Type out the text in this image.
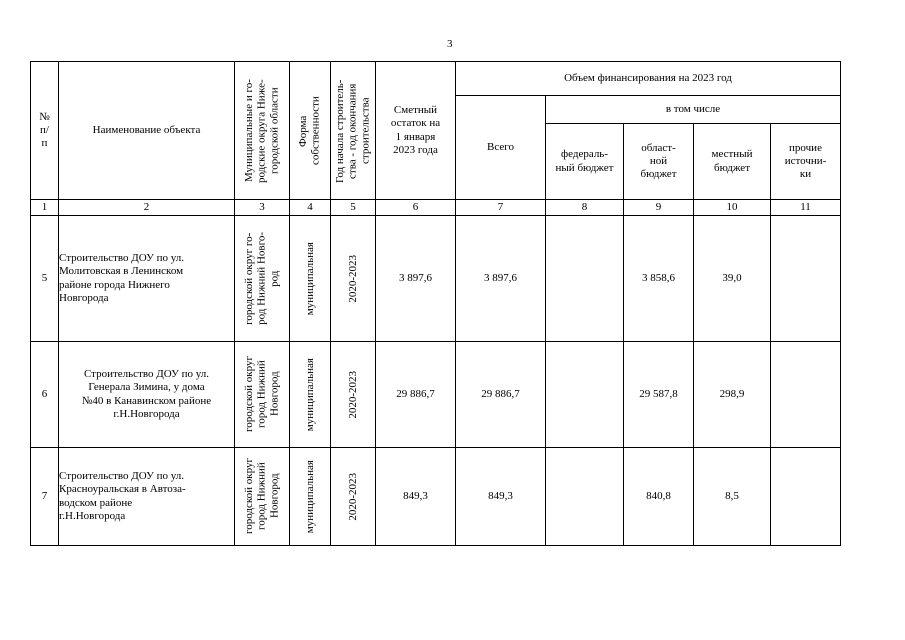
3
№
п/
п	Наименование объекта	Муниципальные и го-
родские округа Ниже-
городской области	Форма
собственности	Год начала строитель-
ства - год окончания
строительства	Сметный
остаток на
1 января
2023 года	Объем финансирования на 2023 год				
						Всего	в том числе			
							федераль-
ный бюджет	област-
ной
бюджет	местный
бюджет	прочие
источни-
ки
1	2	3	4	5	6	7	8	9	10	11
5	Строительство ДОУ по ул.
Молитовская в Ленинском
районе города Нижнего
Новгорода	городской округ го-
род Нижний Новго-
род	муниципальная	2020-2023	3 897,6	3 897,6		3 858,6	39,0	
6	Строительство ДОУ по ул.
Генерала Зимина, у дома
№40 в Канавинском районе
г.Н.Новгорода	городской округ
город Нижний
Новгород	муниципальная	2020-2023	29 886,7	29 886,7		29 587,8	298,9	
7	Строительство ДОУ по ул.
Красноуральская в Автоза-
водском районе
г.Н.Новгорода	городской округ
город Нижний
Новгород	муниципальная	2020-2023	849,3	849,3		840,8	8,5	
